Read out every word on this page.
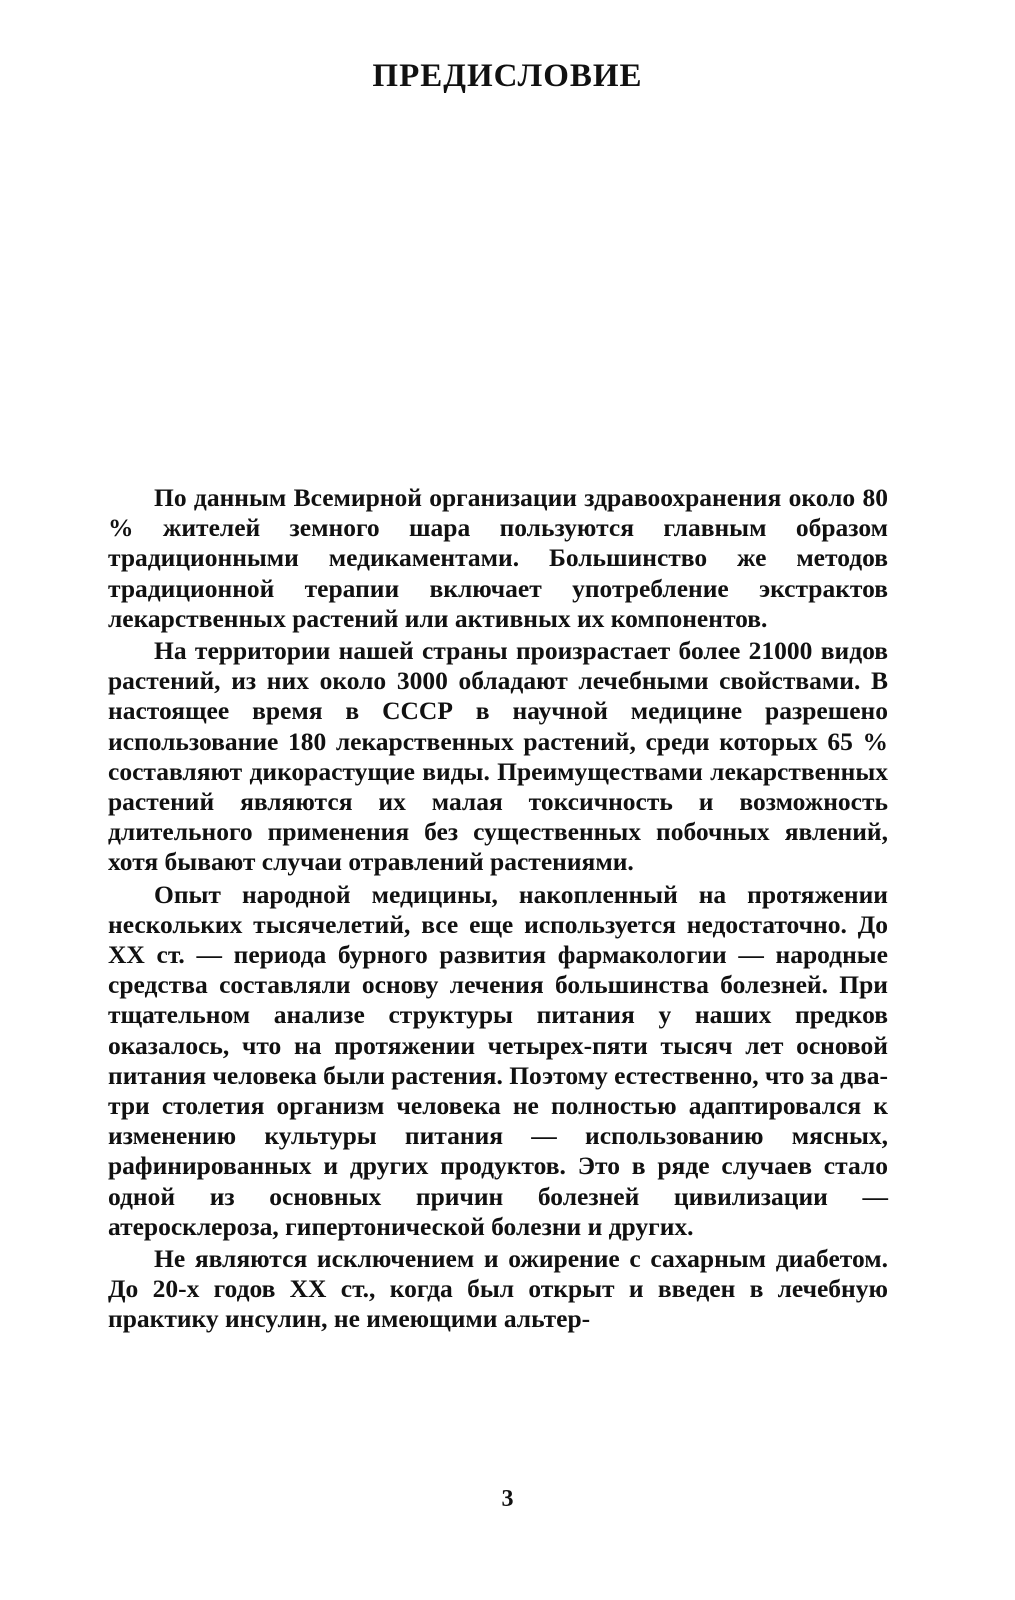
ПРЕДИСЛОВИЕ

По данным Всемирной организации здравоохранения около 80 % жителей земного шара пользуются главным образом традиционными медикаментами. Большинство же методов традиционной терапии включает употребление экстрактов лекарственных растений или активных их компонентов.

На территории нашей страны произрастает более 21000 видов растений, из них около 3000 обладают лечебными свойствами. В настоящее время в СССР в научной медицине разрешено использование 180 лекарственных растений, среди которых 65 % составляют дикорастущие виды. Преимуществами лекарственных растений являются их малая токсичность и возможность длительного применения без существенных побочных явлений, хотя бывают случаи отравлений растениями.

Опыт народной медицины, накопленный на протяжении нескольких тысячелетий, все еще используется недостаточно. До XX ст. — периода бурного развития фармакологии — народные средства составляли основу лечения большинства болезней. При тщательном анализе структуры питания у наших предков оказалось, что на протяжении четырех-пяти тысяч лет основой питания человека были растения. Поэтому естественно, что за два-три столетия организм человека не полностью адаптировался к изменению культуры питания — использованию мясных, рафинированных и других продуктов. Это в ряде случаев стало одной из основных причин болезней цивилизации — атеросклероза, гипертонической болезни и других.

Не являются исключением и ожирение с сахарным диабетом. До 20-х годов XX ст., когда был открыт и введен в лечебную практику инсулин, не имеющими альтер-

3
